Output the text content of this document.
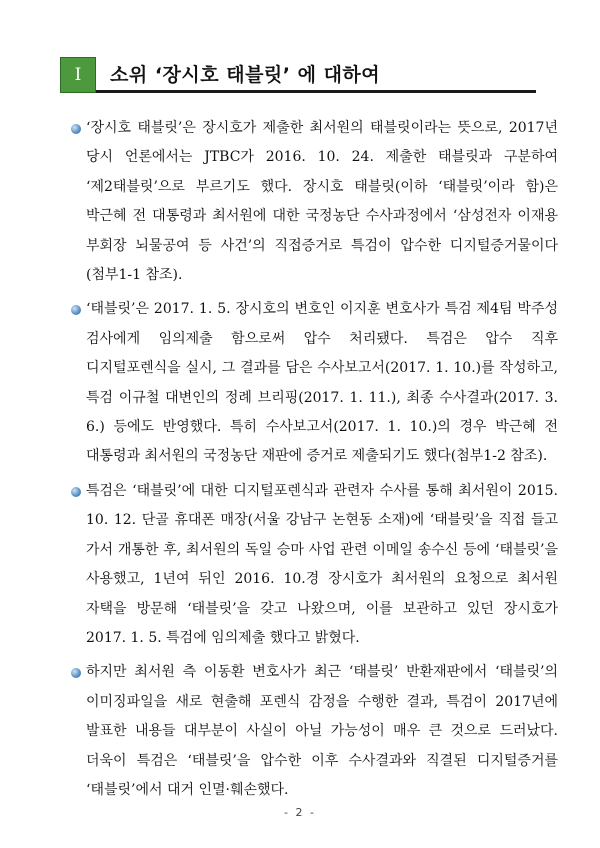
I	소위 ‘장시호 태블릿’ 에 대하여

‘장시호 태블릿’은 장시호가 제출한 최서원의 태블릿이라는 뜻으로, 2017년 당시 언론에서는 JTBC가 2016. 10. 24. 제출한 태블릿과 구분하여 ‘제2태블릿’으로 부르기도 했다. 장시호 태블릿(이하 ‘태블릿’이라 함)은 박근혜 전 대통령과 최서원에 대한 국정농단 수사과정에서 ‘삼성전자 이재용 부회장 뇌물공여 등 사건’의 직접증거로 특검이 압수한 디지털증거물이다(첨부1-1 참조).

‘태블릿’은 2017. 1. 5. 장시호의 변호인 이지훈 변호사가 특검 제4팀 박주성 검사에게 임의제출 함으로써 압수 처리됐다. 특검은 압수 직후 디지털포렌식을 실시, 그 결과를 담은 수사보고서(2017. 1. 10.)를 작성하고, 특검 이규철 대변인의 정례 브리핑(2017. 1. 11.), 최종 수사결과(2017. 3. 6.) 등에도 반영했다. 특히 수사보고서(2017. 1. 10.)의 경우 박근혜 전 대통령과 최서원의 국정농단 재판에 증거로 제출되기도 했다(첨부1-2 참조).

특검은 ‘태블릿’에 대한 디지털포렌식과 관련자 수사를 통해 최서원이 2015. 10. 12. 단골 휴대폰 매장(서울 강남구 논현동 소재)에 ‘태블릿’을 직접 들고 가서 개통한 후, 최서원의 독일 승마 사업 관련 이메일 송수신 등에 ‘태블릿’을 사용했고, 1년여 뒤인 2016. 10.경 장시호가 최서원의 요청으로 최서원 자택을 방문해 ‘태블릿’을 갖고 나왔으며, 이를 보관하고 있던 장시호가 2017. 1. 5. 특검에 임의제출 했다고 밝혔다.

하지만 최서원 측 이동환 변호사가 최근 ‘태블릿’ 반환재판에서 ‘태블릿’의 이미징파일을 새로 현출해 포렌식 감정을 수행한 결과, 특검이 2017년에 발표한 내용들 대부분이 사실이 아닐 가능성이 매우 큰 것으로 드러났다. 더욱이 특검은 ‘태블릿’을 압수한 이후 수사결과와 직결된 디지털증거를 ‘태블릿’에서 대거 인멸·훼손했다.

- 2 -
